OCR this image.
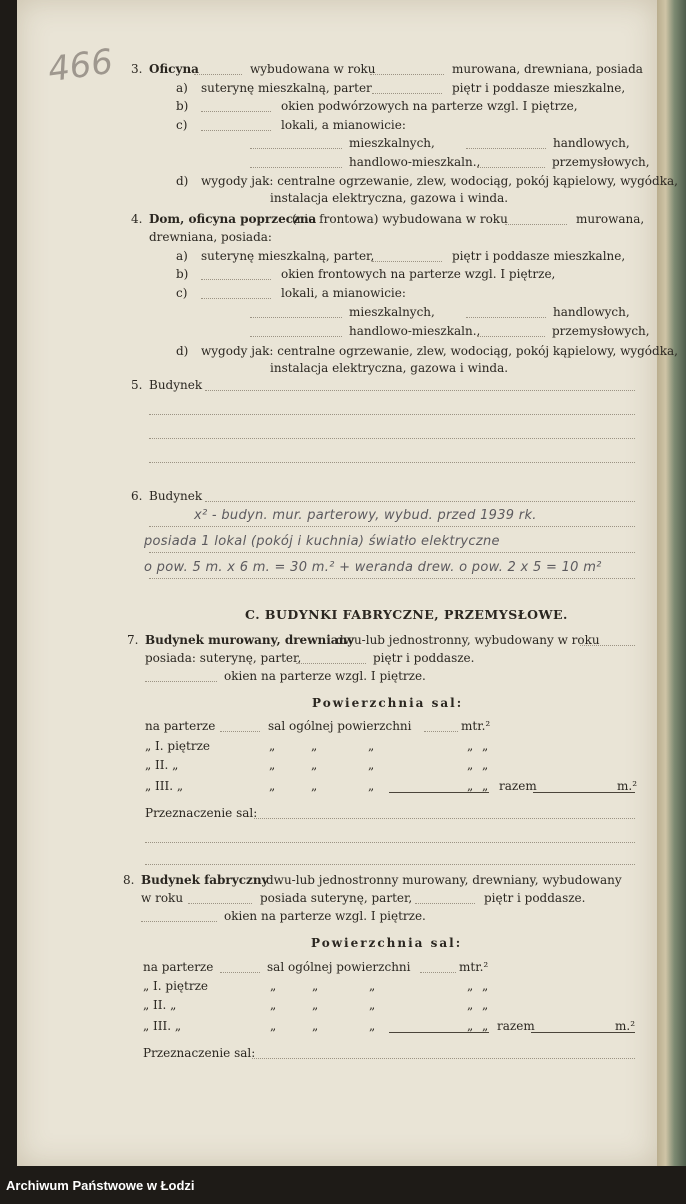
Archiwum Państwowe w Łodzi
466 3. Oficyna	wybudowana w roku	murowana, drewniana, posiada
a) suterynę mieszkalną, parter	piętr i poddasze mieszkalne,
b)	okien podwórzowych na parterze wzgl. I piętrze,
c)	lokali, a mianowicie:
mieszkalnych,	handlowych,
handlowo-mieszkaln.,	przemysłowych,
d) wygody jak: centralne ogrzewanie, zlew, wodociąg, pokój kąpielowy, wygódka,
instalacja elektryczna, gazowa i winda.
4. Dom, oficyna poprzeczna
(nie frontowa) wybudowana w roku	murowana,
drewniana, posiada:
a) suterynę mieszkalną, parter,	piętr i poddasze mieszkalne,
b)	okien frontowych na parterze wzgl. I piętrze,
c)	lokali, a mianowicie:
mieszkalnych,	handlowych,
handlowo-mieszkaln.,	przemysłowych,
d) wygody jak: centralne ogrzewanie, zlew, wodociąg, pokój kąpielowy, wygódka,
instalacja elektryczna, gazowa i winda.
5. Budynek
6. Budynek
x² - budyn. mur. parterowy, wybud. przed 1939 rk.
posiada 1 lokal (pokój i kuchnia) światło elektryczne
o pow. 5 m. x 6 m. = 30 m.² + weranda drew. o pow. 2 x 5 = 10 m²
C. BUDYNKI FABRYCZNE, PRZEMYSŁOWE.
7. Budynek murowany, drewniany
dwu-lub jednostronny, wybudowany w roku
posiada: suterynę, parter,	piętr i poddasze.
okien na parterze wzgl. I piętrze.
Powierzchnia sal:
na parterze	sal ogólnej powierzchni	mtr.²
„ I. piętrze	„	„	„	„ „
„ II. „	„	„	„	„ „
„ III. „	„	„	„	„ „ razem	m.²
Przeznaczenie sal:
8. Budynek fabryczny
dwu-lub jednostronny murowany, drewniany, wybudowany
w roku	posiada suterynę, parter,	piętr i poddasze.
okien na parterze wzgl. I piętrze.
Powierzchnia sal:
na parterze	sal ogólnej powierzchni	mtr.²
„ I. piętrze	„	„	„	„ „
„ II. „	„	„	„	„ „
„ III. „	„	„	„	„ „ razem	m.²
Przeznaczenie sal:
